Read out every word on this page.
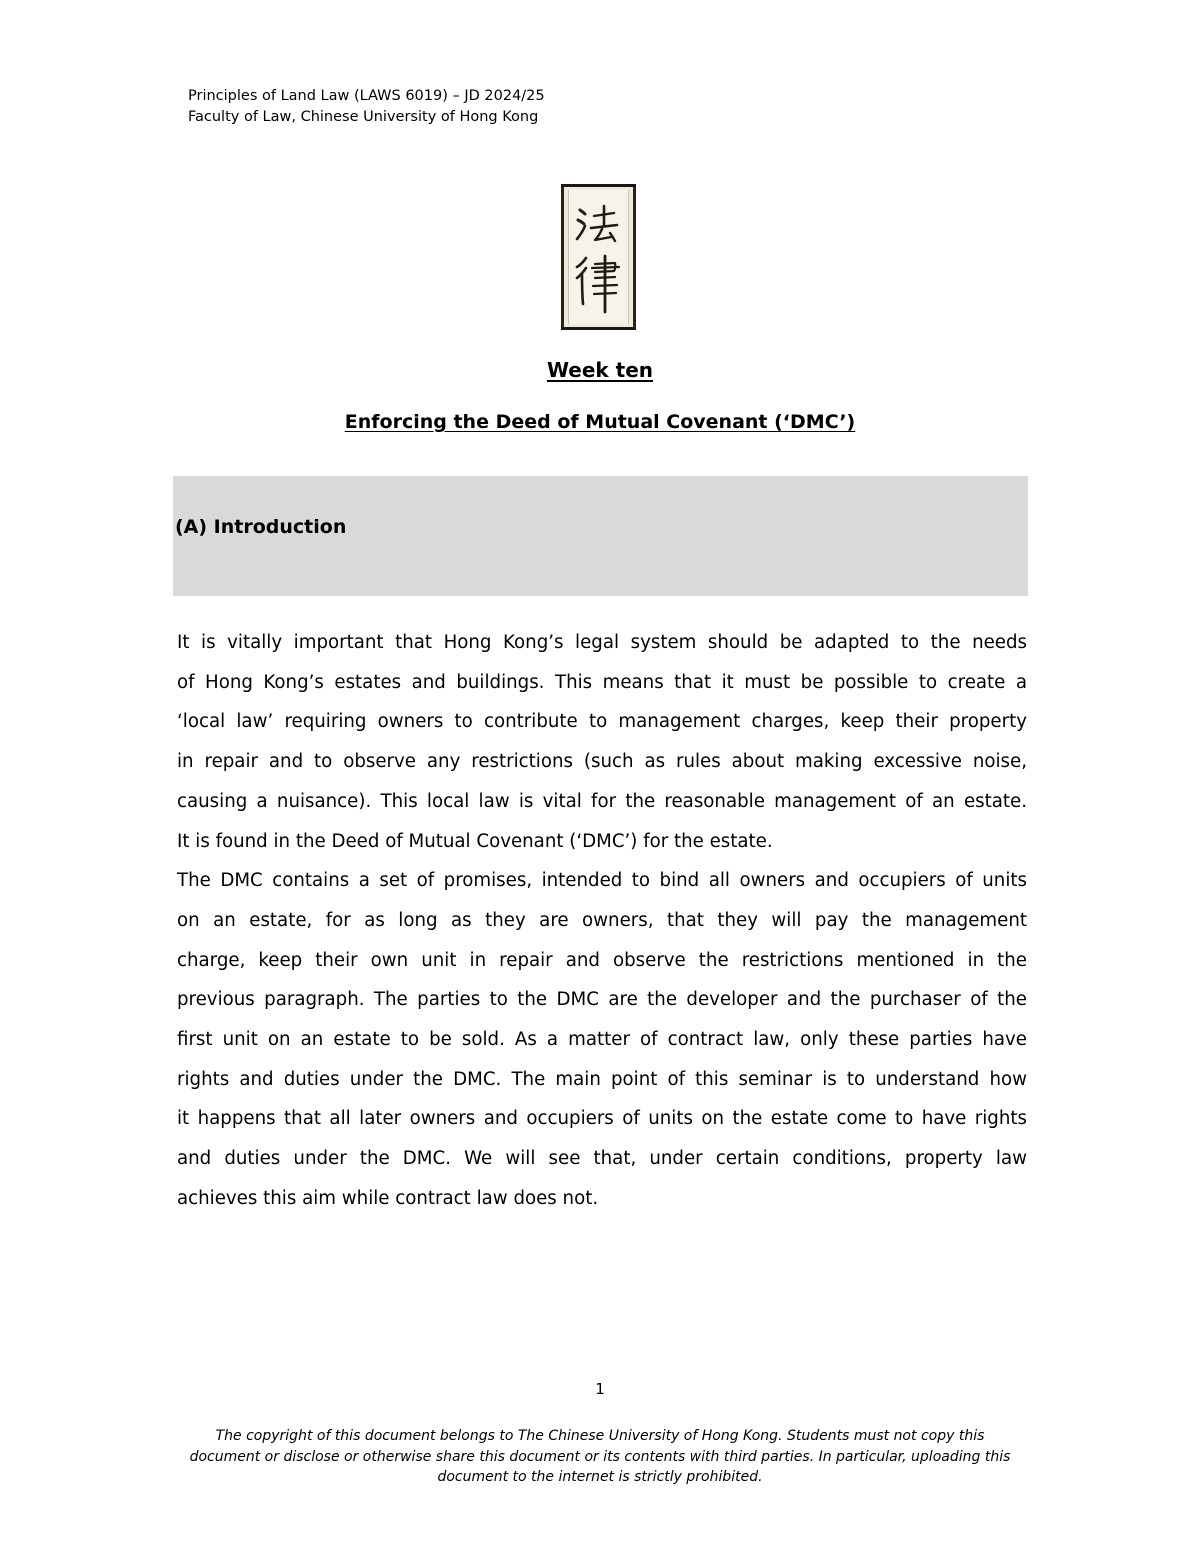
Principles of Land Law (LAWS 6019) – JD 2024/25
Faculty of Law, Chinese University of Hong Kong
Week ten
Enforcing the Deed of Mutual Covenant (‘DMC’)
(A) Introduction
It is vitally important that Hong Kong’s legal system should be adapted to the needs
of Hong Kong’s estates and buildings. This means that it must be possible to create a
‘local law’ requiring owners to contribute to management charges, keep their property
in repair and to observe any restrictions (such as rules about making excessive noise,
causing a nuisance). This local law is vital for the reasonable management of an estate.
It is found in the Deed of Mutual Covenant (‘DMC’) for the estate.
The DMC contains a set of promises, intended to bind all owners and occupiers of units
on an estate, for as long as they are owners, that they will pay the management
charge, keep their own unit in repair and observe the restrictions mentioned in the
previous paragraph. The parties to the DMC are the developer and the purchaser of the
first unit on an estate to be sold. As a matter of contract law, only these parties have
rights and duties under the DMC. The main point of this seminar is to understand how
it happens that all later owners and occupiers of units on the estate come to have rights
and duties under the DMC. We will see that, under certain conditions, property law
achieves this aim while contract law does not.
1
The copyright of this document belongs to The Chinese University of Hong Kong. Students must not copy this
document or disclose or otherwise share this document or its contents with third parties. In particular, uploading this
document to the internet is strictly prohibited.
